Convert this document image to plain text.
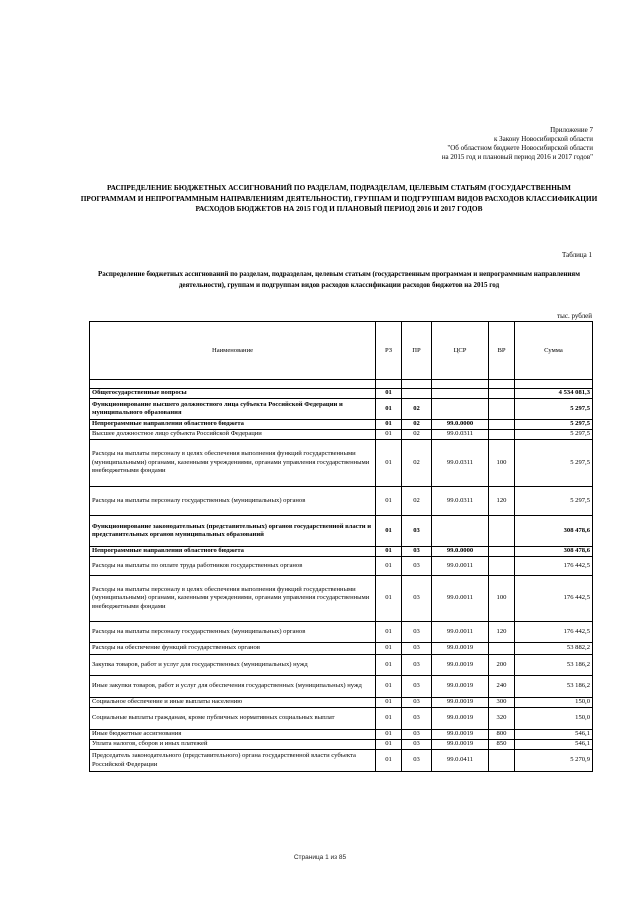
Приложение 7
к Закону Новосибирской области
"Об областном бюджете Новосибирской области
на 2015 год и плановый период 2016 и 2017 годов"
РАСПРЕДЕЛЕНИЕ БЮДЖЕТНЫХ АССИГНОВАНИЙ ПО РАЗДЕЛАМ, ПОДРАЗДЕЛАМ, ЦЕЛЕВЫМ СТАТЬЯМ (ГОСУДАРСТВЕННЫМ ПРОГРАММАМ И НЕПРОГРАММНЫМ НАПРАВЛЕНИЯМ ДЕЯТЕЛЬНОСТИ), ГРУППАМ И ПОДГРУППАМ ВИДОВ РАСХОДОВ КЛАССИФИКАЦИИ РАСХОДОВ БЮДЖЕТОВ НА 2015 ГОД И ПЛАНОВЫЙ ПЕРИОД 2016 И 2017 ГОДОВ
Таблица 1
Распределение бюджетных ассигнований по разделам, подразделам, целевым статьям (государственным программам и непрограммным направлениям деятельности), группам и подгруппам видов расходов классификации расходов бюджетов на 2015 год
тыс. рублей
Наименование	РЗ	ПР	ЦСР	ВР	Сумма

Общегосударственные вопросы	01				4 534 081,3
Функционирование высшего должностного лица субъекта Российской Федерации и муниципального образования	01	02			5 297,5
Непрограммные направления областного бюджета	01	02	99.0.0000		5 297,5
Высшее должностное лицо субъекта Российской Федерации	01	02	99.0.0311		5 297,5
Расходы на выплаты персоналу в целях обеспечения выполнения функций государственными (муниципальными) органами, казенными учреждениями, органами управления государственными внебюджетными фондами	01	02	99.0.0311	100	5 297,5
Расходы на выплаты персоналу государственных (муниципальных) органов	01	02	99.0.0311	120	5 297,5
Функционирование законодательных (представительных) органов государственной власти и представительных органов муниципальных образований	01	03			308 478,6
Непрограммные направления областного бюджета	01	03	99.0.0000		308 478,6
Расходы на выплаты по оплате труда работников государственных органов	01	03	99.0.0011		176 442,5
Расходы на выплаты персоналу в целях обеспечения выполнения функций государственными (муниципальными) органами, казенными учреждениями, органами управления государственными внебюджетными фондами	01	03	99.0.0011	100	176 442,5
Расходы на выплаты персоналу государственных (муниципальных) органов	01	03	99.0.0011	120	176 442,5
Расходы на обеспечение функций государственных органов	01	03	99.0.0019		53 882,2
Закупка товаров, работ и услуг для государственных (муниципальных) нужд	01	03	99.0.0019	200	53 186,2
Иные закупки товаров, работ и услуг для обеспечения государственных (муниципальных) нужд	01	03	99.0.0019	240	53 186,2
Социальное обеспечение и иные выплаты населению	01	03	99.0.0019	300	150,0
Социальные выплаты гражданам, кроме публичных нормативных социальных выплат	01	03	99.0.0019	320	150,0
Иные бюджетные ассигнования	01	03	99.0.0019	800	546,1
Уплата налогов, сборов и иных платежей	01	03	99.0.0019	850	546,1
Председатель законодательного (представительного) органа государственной власти субъекта Российской Федерации	01	03	99.0.0411		5 270,9
Страница 1 из 85
